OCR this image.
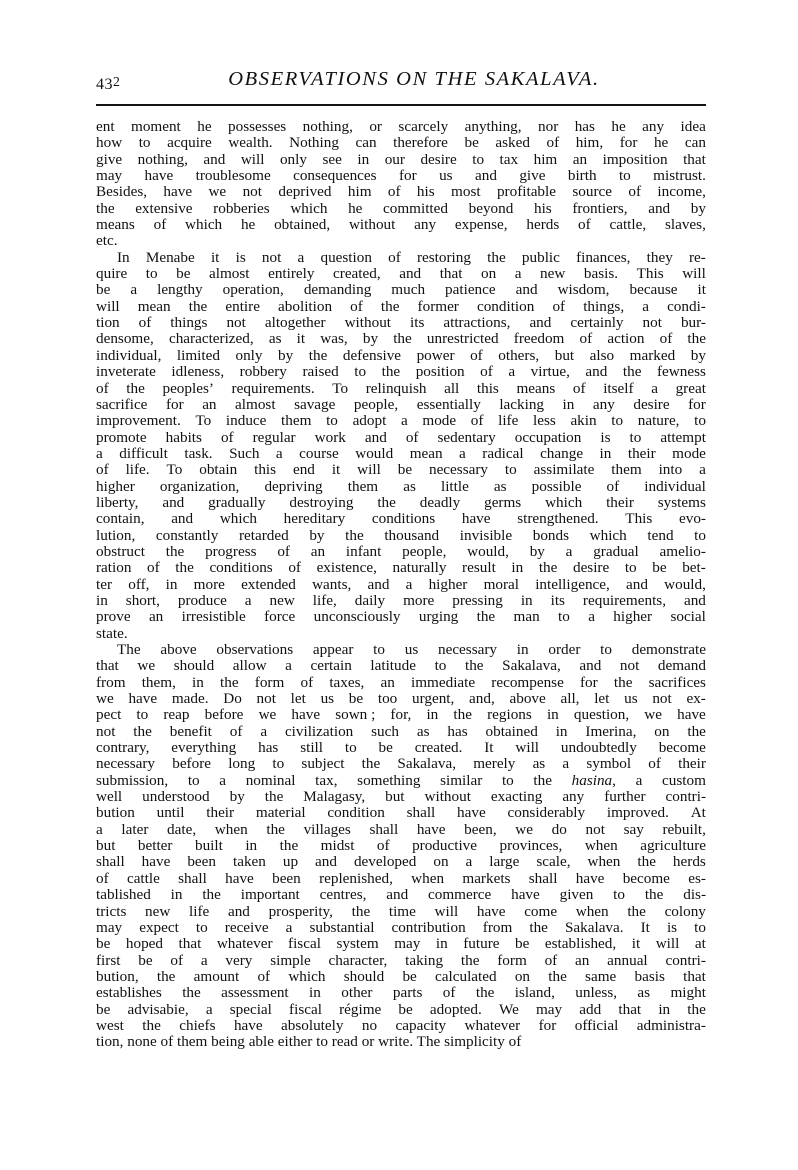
432	OBSERVATIONS ON THE SAKALAVA.
ent moment he possesses nothing, or scarcely anything, nor has he any idea
how to acquire wealth. Nothing can therefore be asked of him, for he can
give nothing, and will only see in our desire to tax him an imposition that
may have troublesome consequences for us and give birth to mistrust.
Besides, have we not deprived him of his most profitable source of income,
the extensive robberies which he committed beyond his frontiers, and by
means of which he obtained, without any expense, herds of cattle, slaves,
etc.
In Menabe it is not a question of restoring the public finances, they re-
quire to be almost entirely created, and that on a new basis. This will
be a lengthy operation, demanding much patience and wisdom, because it
will mean the entire abolition of the former condition of things, a condi-
tion of things not altogether without its attractions, and certainly not bur-
densome, characterized, as it was, by the unrestricted freedom of action of the
individual, limited only by the defensive power of others, but also marked by
inveterate idleness, robbery raised to the position of a virtue, and the fewness
of the peoples’ requirements. To relinquish all this means of itself a great
sacrifice for an almost savage people, essentially lacking in any desire for
improvement. To induce them to adopt a mode of life less akin to nature, to
promote habits of regular work and of sedentary occupation is to attempt
a difficult task. Such a course would mean a radical change in their mode
of life. To obtain this end it will be necessary to assimilate them into a
higher organization, depriving them as little as possible of individual
liberty, and gradually destroying the deadly germs which their systems
contain, and which hereditary conditions have strengthened. This evo-
lution, constantly retarded by the thousand invisible bonds which tend to
obstruct the progress of an infant people, would, by a gradual amelio-
ration of the conditions of existence, naturally result in the desire to be bet-
ter off, in more extended wants, and a higher moral intelligence, and would,
in short, produce a new life, daily more pressing in its requirements, and
prove an irresistible force unconsciously urging the man to a higher social
state.
The above observations appear to us necessary in order to demonstrate
that we should allow a certain latitude to the Sakalava, and not demand
from them, in the form of taxes, an immediate recompense for the sacrifices
we have made. Do not let us be too urgent, and, above all, let us not ex-
pect to reap before we have sown ; for, in the regions in question, we have
not the benefit of a civilization such as has obtained in Imerina, on the
contrary, everything has still to be created. It will undoubtedly become
necessary before long to subject the Sakalava, merely as a symbol of their
submission, to a nominal tax, something similar to the hasina, a custom
well understood by the Malagasy, but without exacting any further contri-
bution until their material condition shall have considerably improved. At
a later date, when the villages shall have been, we do not say rebuilt,
but better built in the midst of productive provinces, when agriculture
shall have been taken up and developed on a large scale, when the herds
of cattle shall have been replenished, when markets shall have become es-
tablished in the important centres, and commerce have given to the dis-
tricts new life and prosperity, the time will have come when the colony
may expect to receive a substantial contribution from the Sakalava. It is to
be hoped that whatever fiscal system may in future be established, it will at
first be of a very simple character, taking the form of an annual contri-
bution, the amount of which should be calculated on the same basis that
establishes the assessment in other parts of the island, unless, as might
be advisabie, a special fiscal régime be adopted. We may add that in the
west the chiefs have absolutely no capacity whatever for official administra-
tion, none of them being able either to read or write. The simplicity of
